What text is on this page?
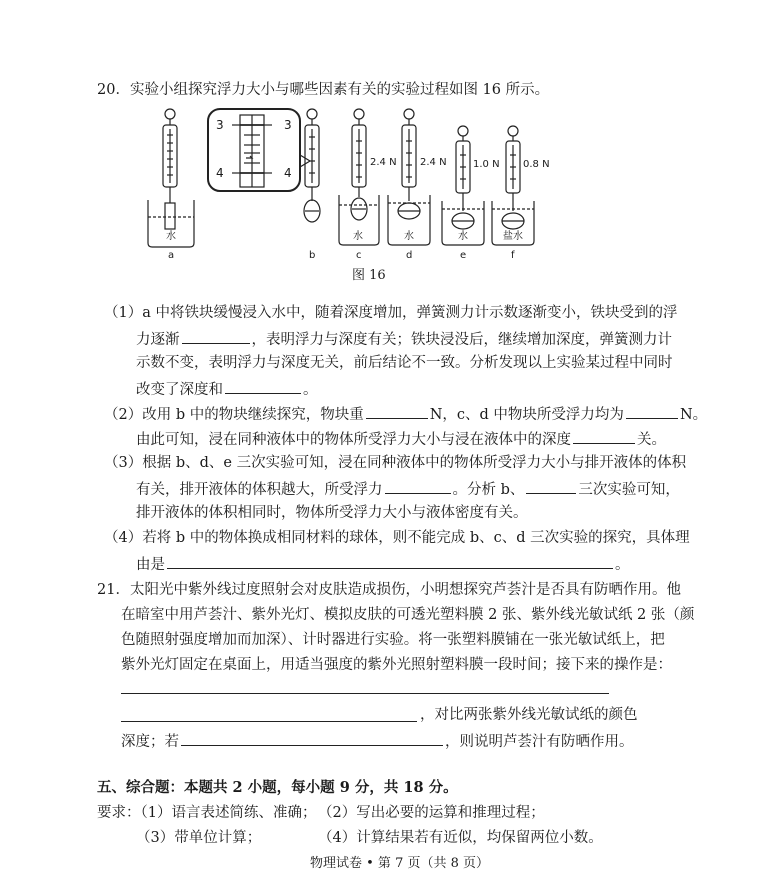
20．实验小组探究浮力大小与哪些因素有关的实验过程如图 16 所示。
3	3
4	4
2.4 N 2.4 N	1.0 N 0.8 N
水	水	水	水	盐水
a	b	c	d	e	f
图 16
（1）a 中将铁块缓慢浸入水中，随着深度增加，弹簧测力计示数逐渐变小，铁块受到的浮
力逐渐	，表明浮力与深度有关；铁块浸没后，继续增加深度，弹簧测力计
示数不变，表明浮力与深度无关，前后结论不一致。分析发现以上实验某过程中同时
改变了深度和	。
（2）改用 b 中的物块继续探究，物块重	N，c、d 中物块所受浮力均为	N。
由此可知，浸在同种液体中的物体所受浮力大小与浸在液体中的深度	关。
（3）根据 b、d、e 三次实验可知，浸在同种液体中的物体所受浮力大小与排开液体的体积
有关，排开液体的体积越大，所受浮力	。分析 b、	三次实验可知，
排开液体的体积相同时，物体所受浮力大小与液体密度有关。
（4）若将 b 中的物体换成相同材料的球体，则不能完成 b、c、d 三次实验的探究，具体理
由是	。
21．太阳光中紫外线过度照射会对皮肤造成损伤，小明想探究芦荟汁是否具有防晒作用。他
在暗室中用芦荟汁、紫外光灯、模拟皮肤的可透光塑料膜 2 张、紫外线光敏试纸 2 张（颜
色随照射强度增加而加深）、计时器进行实验。将一张塑料膜铺在一张光敏试纸上，把
紫外光灯固定在桌面上，用适当强度的紫外光照射塑料膜一段时间；接下来的操作是：
，对比两张紫外线光敏试纸的颜色
深度；若	，则说明芦荟汁有防晒作用。
五、综合题：本题共 2 小题，每小题 9 分，共 18 分。
要求：（1）语言表述简练、准确； （2）写出必要的运算和推理过程；
（3）带单位计算；	（4）计算结果若有近似，均保留两位小数。
物理试卷 • 第 7 页（共 8 页）
